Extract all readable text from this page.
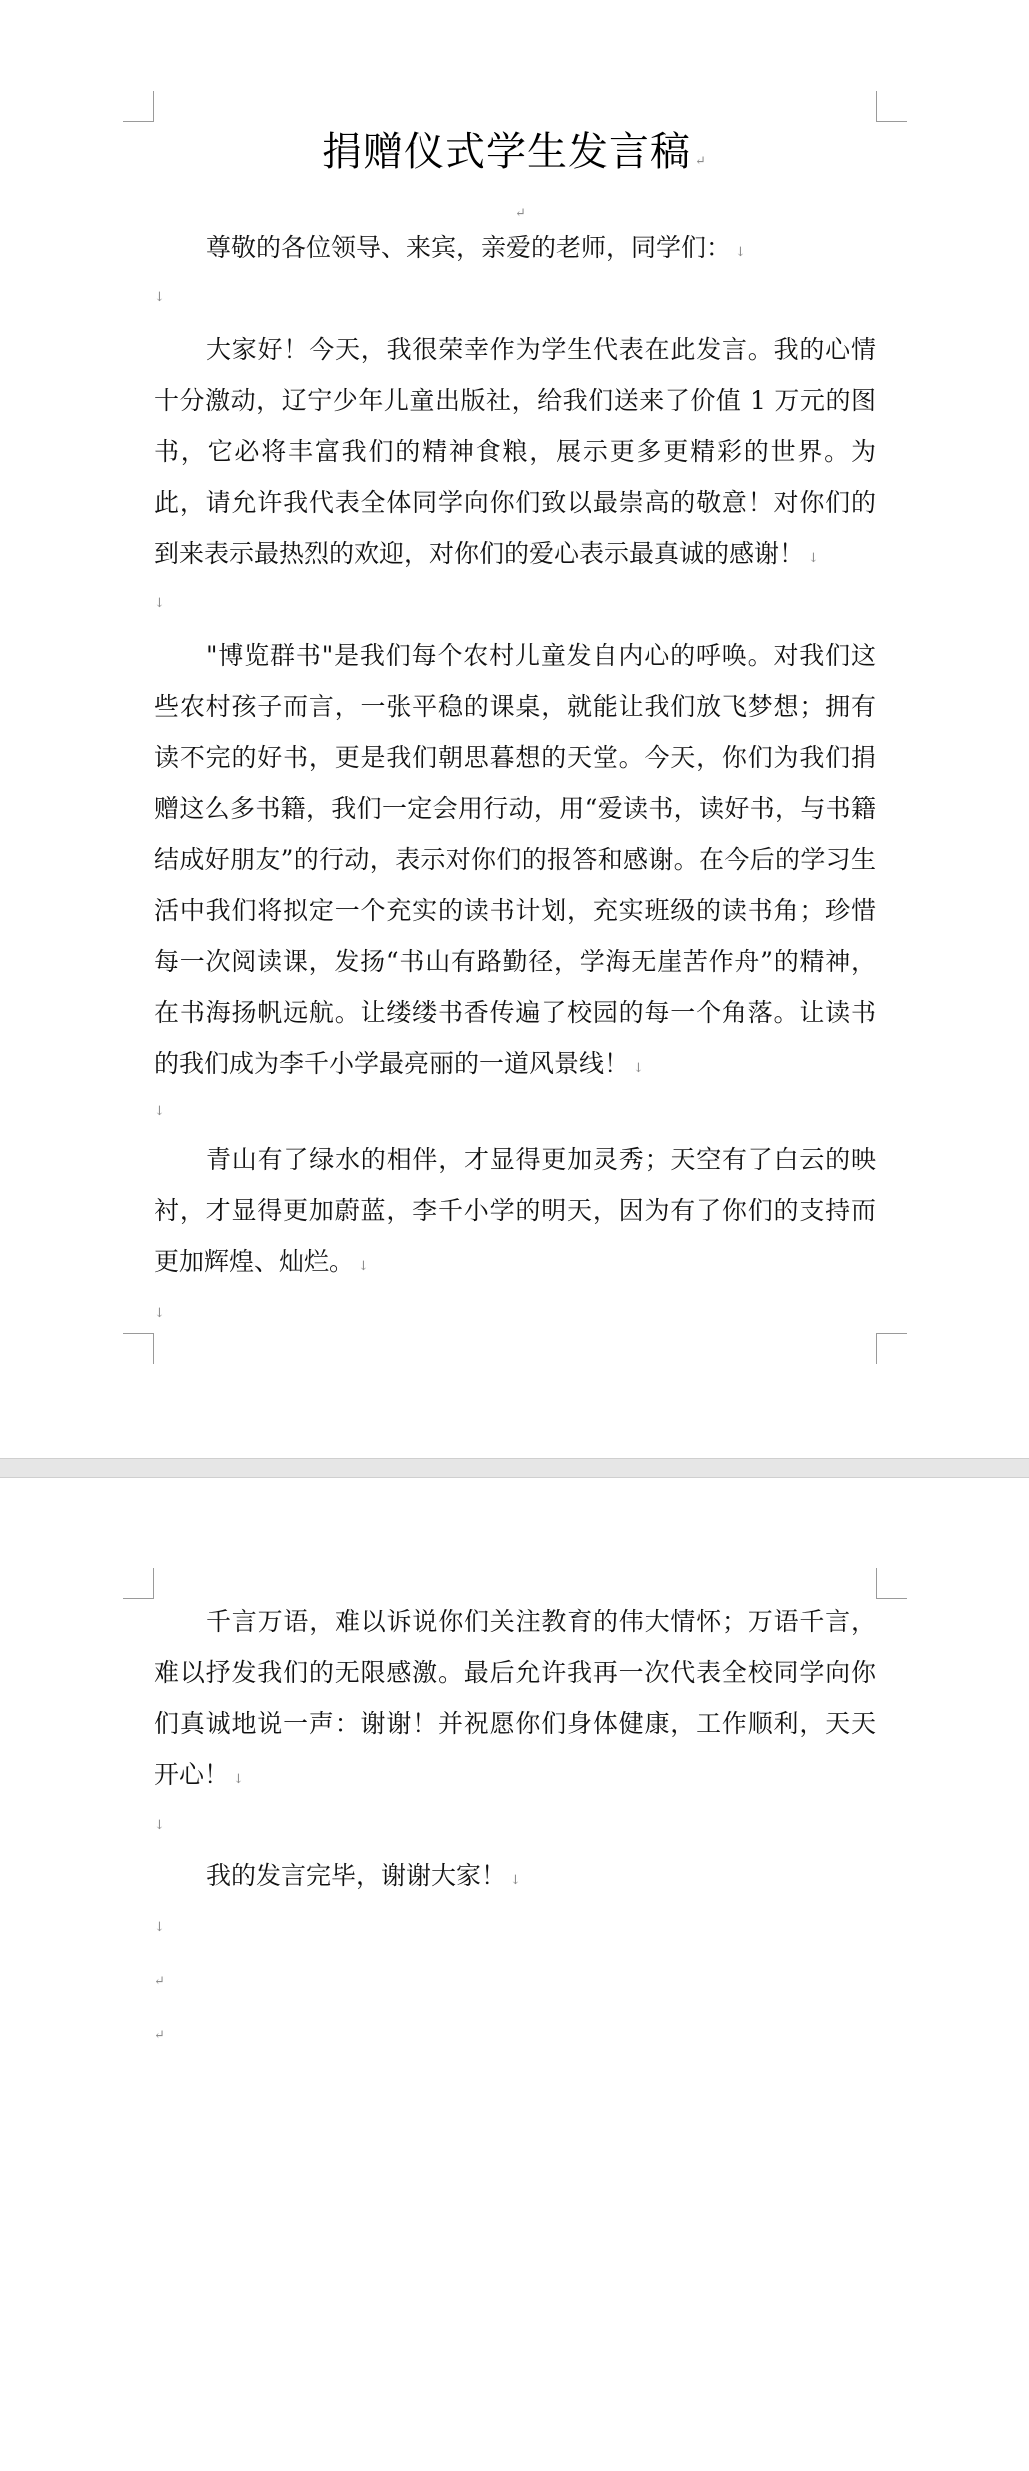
捐赠仪式学生发言稿 ↵
↵

尊敬的各位领导、来宾，亲爱的老师，同学们： ↓

↓

大家好！今天，我很荣幸作为学生代表在此发言。我的心情十分激动，辽宁少年儿童出版社，给我们送来了价值 1 万元的图书，它必将丰富我们的精神食粮，展示更多更精彩的世界。为此，请允许我代表全体同学向你们致以最崇高的敬意！对你们的到来表示最热烈的欢迎，对你们的爱心表示最真诚的感谢！ ↓

↓

"博览群书"是我们每个农村儿童发自内心的呼唤。对我们这些农村孩子而言，一张平稳的课桌，就能让我们放飞梦想；拥有读不完的好书，更是我们朝思暮想的天堂。今天，你们为我们捐赠这么多书籍，我们一定会用行动，用“爱读书，读好书，与书籍结成好朋友”的行动，表示对你们的报答和感谢。在今后的学习生活中我们将拟定一个充实的读书计划，充实班级的读书角；珍惜每一次阅读课，发扬“书山有路勤径，学海无崖苦作舟”的精神，在书海扬帆远航。让缕缕书香传遍了校园的每一个角落。让读书的我们成为李千小学最亮丽的一道风景线！ ↓

↓

青山有了绿水的相伴，才显得更加灵秀；天空有了白云的映衬，才显得更加蔚蓝，李千小学的明天，因为有了你们的支持而更加辉煌、灿烂。 ↓

↓

千言万语，难以诉说你们关注教育的伟大情怀；万语千言，难以抒发我们的无限感激。最后允许我再一次代表全校同学向你们真诚地说一声：谢谢！并祝愿你们身体健康，工作顺利，天天开心！ ↓

↓

我的发言完毕，谢谢大家！ ↓

↓
↵
↵
